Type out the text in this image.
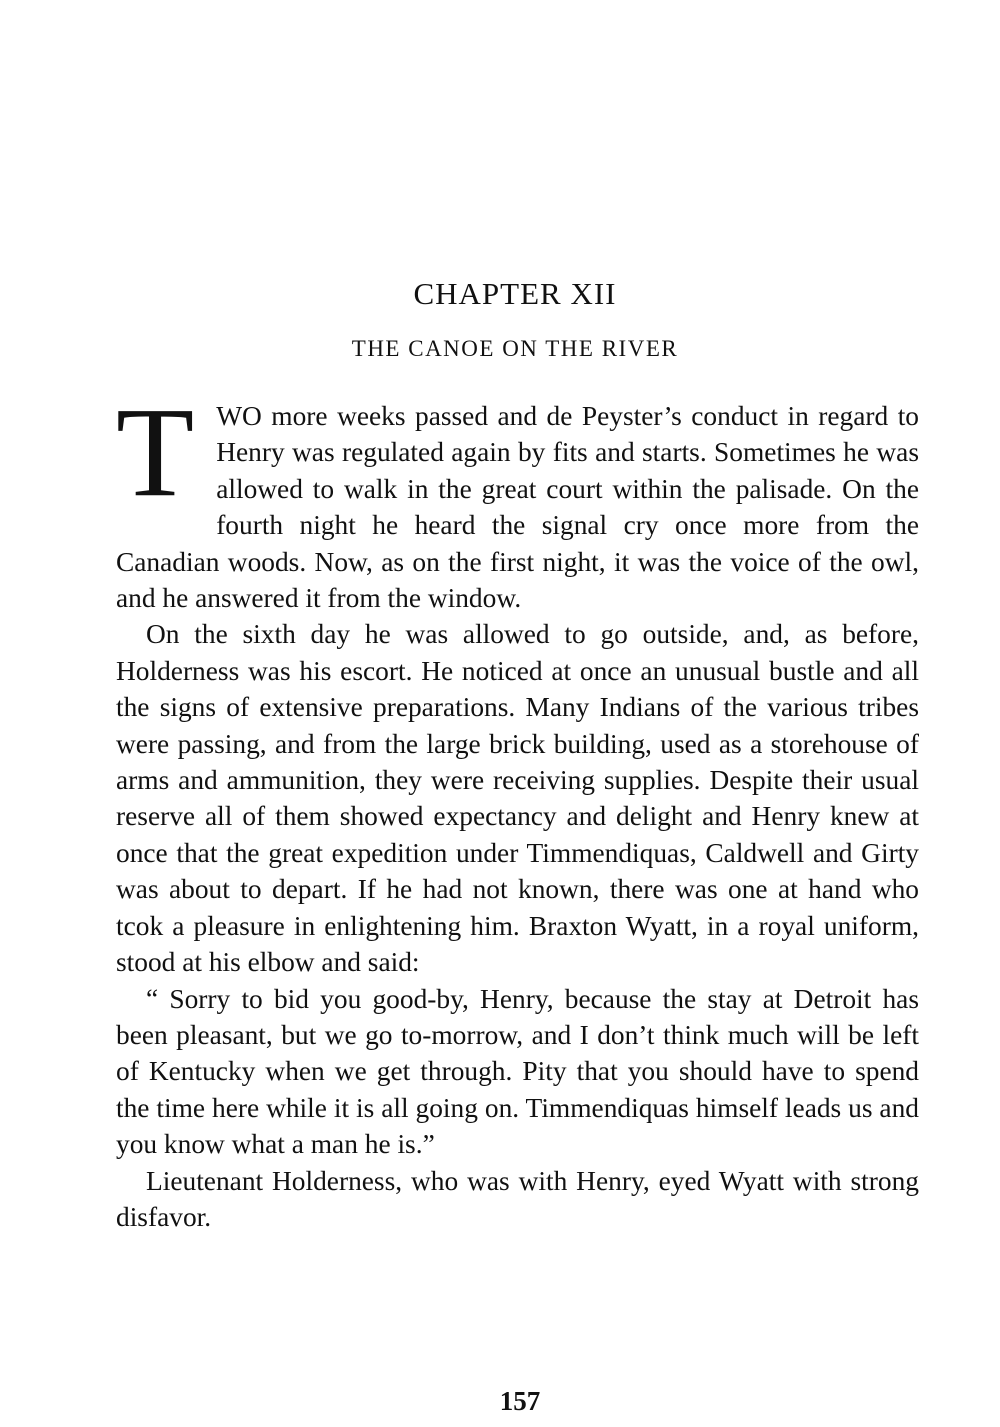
CHAPTER XII
THE CANOE ON THE RIVER

TWO more weeks passed and de Peyster’s conduct in regard to Henry was regulated again by fits and starts. Sometimes he was allowed to walk in the great court within the palisade. On the fourth night he heard the signal cry once more from the Canadian woods. Now, as on the first night, it was the voice of the owl, and he answered it from the window.

On the sixth day he was allowed to go outside, and, as before, Holderness was his escort. He noticed at once an unusual bustle and all the signs of extensive preparations. Many Indians of the various tribes were passing, and from the large brick building, used as a storehouse of arms and ammunition, they were receiving supplies. Despite their usual reserve all of them showed expectancy and delight and Henry knew at once that the great expedition under Timmendiquas, Caldwell and Girty was about to depart. If he had not known, there was one at hand who tcok a pleasure in enlightening him. Braxton Wyatt, in a royal uniform, stood at his elbow and said:

“ Sorry to bid you good-by, Henry, because the stay at Detroit has been pleasant, but we go to-morrow, and I don’t think much will be left of Kentucky when we get through. Pity that you should have to spend the time here while it is all going on. Timmendiquas himself leads us and you know what a man he is.”

Lieutenant Holderness, who was with Henry, eyed Wyatt with strong disfavor.

157
